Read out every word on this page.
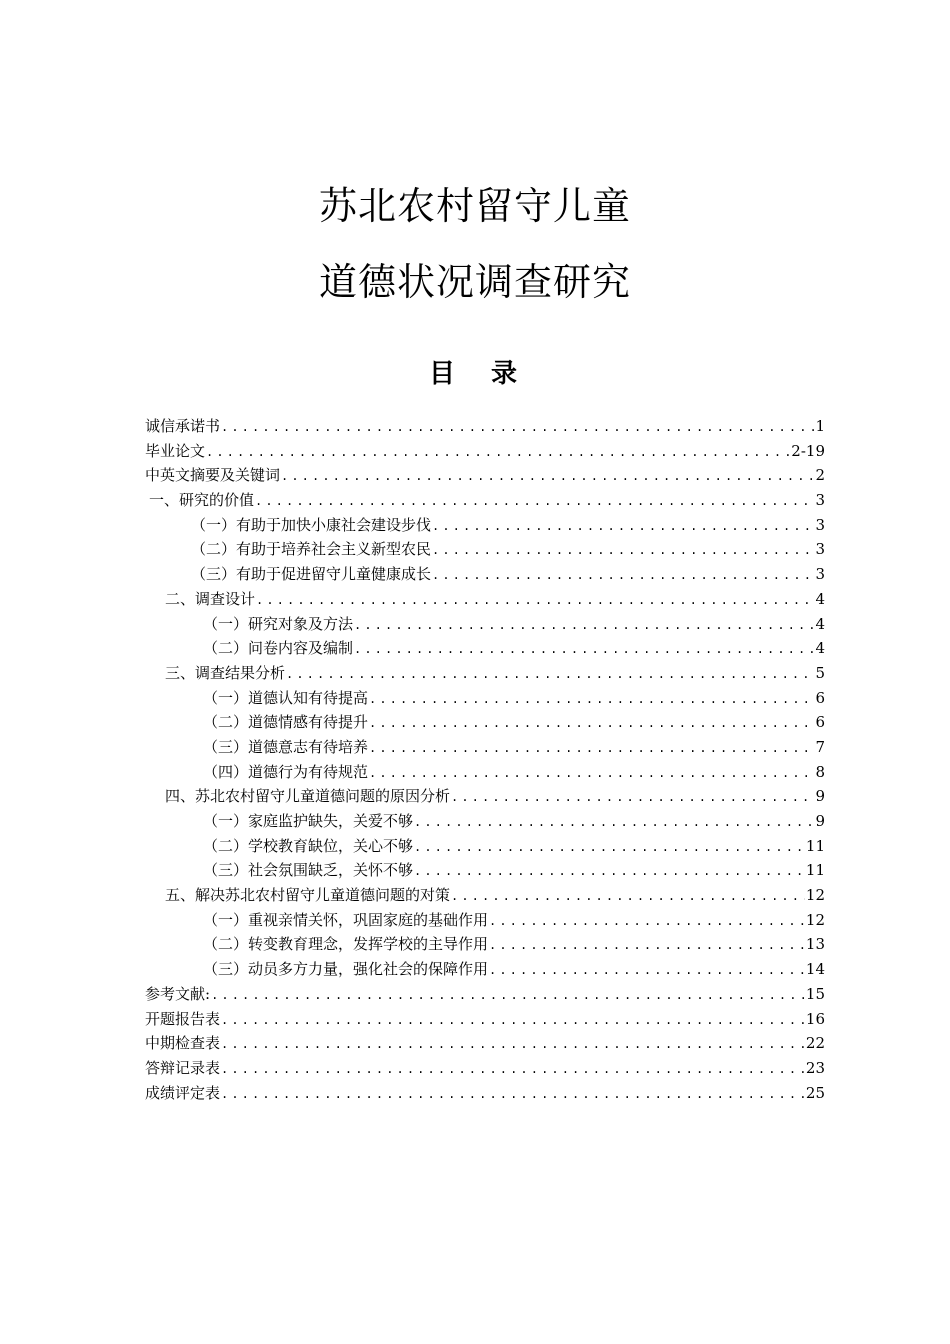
苏北农村留守儿童
道德状况调查研究
目 录
诚信承诺书 .....	1
毕业论文 .....	2-19
中英文摘要及关键词 .....	2
一、研究的价值 .....	3
（一）有助于加快小康社会建设步伐 .....	3
（二）有助于培养社会主义新型农民 .....	3
（三）有助于促进留守儿童健康成长 .....	3
二、调查设计 .....	4
（一）研究对象及方法 .....	4
（二）问卷内容及编制 .....	4
三、调查结果分析 .....	5
（一）道德认知有待提高 .....	6
（二）道德情感有待提升 .....	6
（三）道德意志有待培养 .....	7
（四）道德行为有待规范 .....	8
四、苏北农村留守儿童道德问题的原因分析 .....	9
（一）家庭监护缺失，关爱不够 .....	9
（二）学校教育缺位，关心不够 .....	11
（三）社会氛围缺乏，关怀不够 .....	11
五、解决苏北农村留守儿童道德问题的对策 .....	12
（一）重视亲情关怀，巩固家庭的基础作用 .....	12
（二）转变教育理念，发挥学校的主导作用 .....	13
（三）动员多方力量，强化社会的保障作用 .....	14
参考文献: .....	15
开题报告表 .....	16
中期检查表 .....	22
答辩记录表 .....	23
成绩评定表 .....	25
